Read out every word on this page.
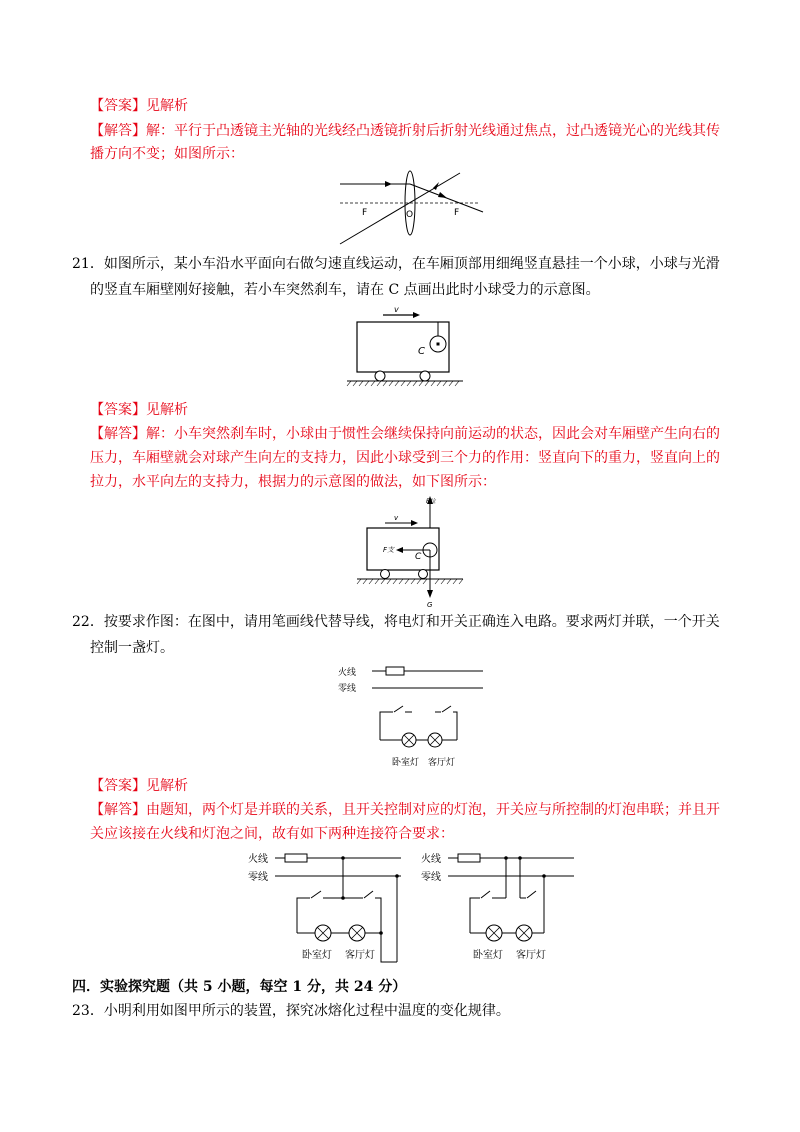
【答案】见解析
【解答】解：平行于凸透镜主光轴的光线经凸透镜折射后折射光线通过焦点，过凸透镜光心的光线其传
播方向不变；如图所示：
F	O	F
21．如图所示，某小车沿水平面向右做匀速直线运动，在车厢顶部用细绳竖直悬挂一个小球，小球与光滑
的竖直车厢壁刚好接触，若小车突然刹车，请在 C 点画出此时小球受力的示意图。
v
C
【答案】见解析
【解答】解：小车突然刹车时，小球由于惯性会继续保持向前运动的状态，因此会对车厢壁产生向右的
压力，车厢壁就会对球产生向左的支持力，因此小球受到三个力的作用：竖直向下的重力，竖直向上的
拉力，水平向左的支持力，根据力的示意图的做法，如下图所示：
F拉
v
F支
C
G
22．按要求作图：在图中，请用笔画线代替导线，将电灯和开关正确连入电路。要求两灯并联，一个开关
控制一盏灯。
火线
零线
卧室灯 客厅灯
【答案】见解析
【解答】由题知，两个灯是并联的关系，且开关控制对应的灯泡，开关应与所控制的灯泡串联；并且开
关应该接在火线和灯泡之间，故有如下两种连接符合要求：
火线
零线
卧室灯 客厅灯
火线
零线
卧室灯 客厅灯
四．实验探究题（共 5 小题，每空 1 分，共 24 分）
23．小明利用如图甲所示的装置，探究冰熔化过程中温度的变化规律。
